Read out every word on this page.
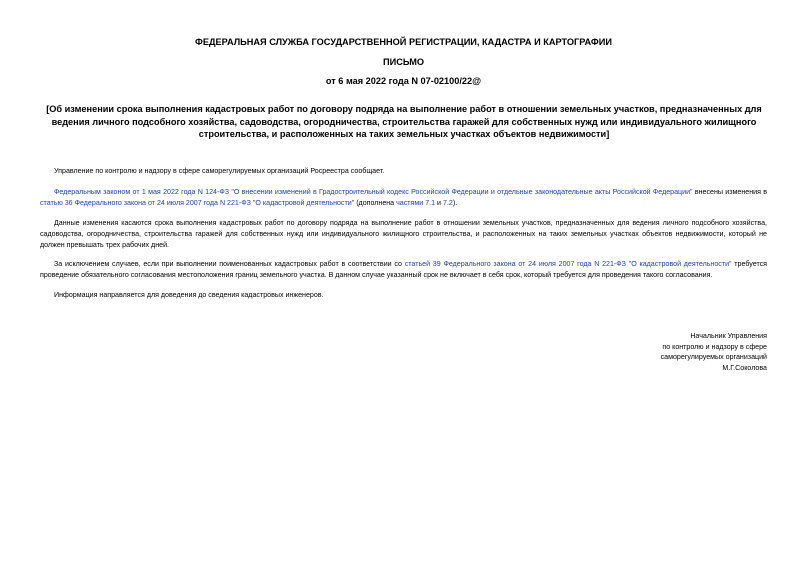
ФЕДЕРАЛЬНАЯ СЛУЖБА ГОСУДАРСТВЕННОЙ РЕГИСТРАЦИИ, КАДАСТРА И КАРТОГРАФИИ
ПИСЬМО
от 6 мая 2022 года N 07-02100/22@
[Об изменении срока выполнения кадастровых работ по договору подряда на выполнение работ в отношении земельных участков, предназначенных для ведения личного подсобного хозяйства, садоводства, огородничества, строительства гаражей для собственных нужд или индивидуального жилищного строительства, и расположенных на таких земельных участках объектов недвижимости]
Управление по контролю и надзору в сфере саморегулируемых организаций Росреестра сообщает.
Федеральным законом от 1 мая 2022 года N 124-ФЗ "О внесении изменений в Градостроительный кодекс Российской Федерации и отдельные законодательные акты Российской Федерации" внесены изменения в статью 36 Федерального закона от 24 июля 2007 года N 221-ФЗ "О кадастровой деятельности" (дополнена частями 7.1 и 7.2).
Данные изменения касаются срока выполнения кадастровых работ по договору подряда на выполнение работ в отношении земельных участков, предназначенных для ведения личного подсобного хозяйства, садоводства, огородничества, строительства гаражей для собственных нужд или индивидуального жилищного строительства, и расположенных на таких земельных участках объектов недвижимости, который не должен превышать трех рабочих дней.
За исключением случаев, если при выполнении поименованных кадастровых работ в соответствии со статьей 39 Федерального закона от 24 июля 2007 года N 221-ФЗ "О кадастровой деятельности" требуется проведение обязательного согласования местоположения границ земельного участка. В данном случае указанный срок не включает в себя срок, который требуется для проведения такого согласования.
Информация направляется для доведения до сведения кадастровых инженеров.
Начальник Управления
по контролю и надзору в сфере
саморегулируемых организаций
М.Г.Соколова
